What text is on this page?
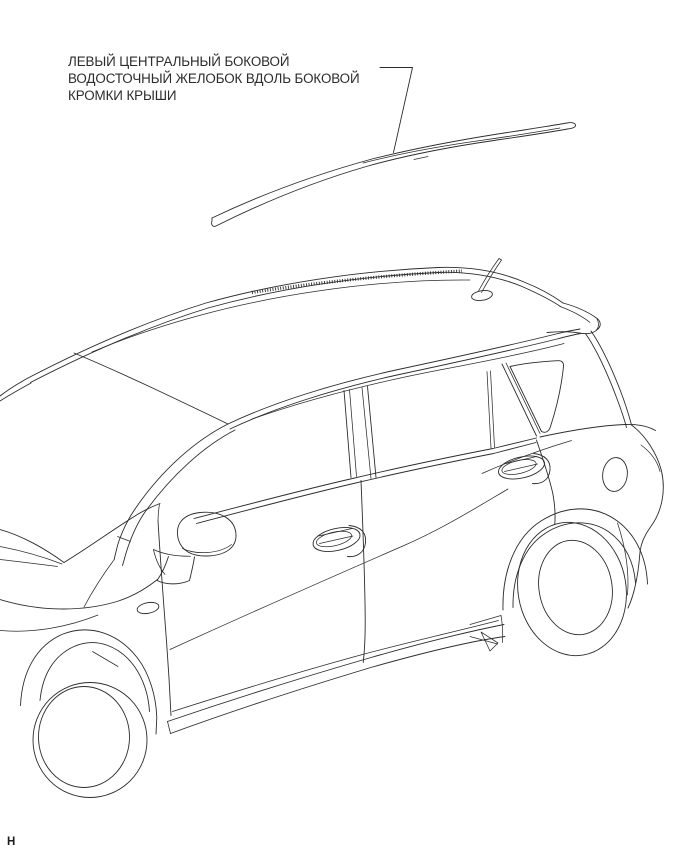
ЛЕВЫЙ ЦЕНТРАЛЬНЫЙ БОКОВОЙ
ВОДОСТОЧНЫЙ ЖЕЛОБОК ВДОЛЬ БОКОВОЙ
КРОМКИ КРЫШИ
H
